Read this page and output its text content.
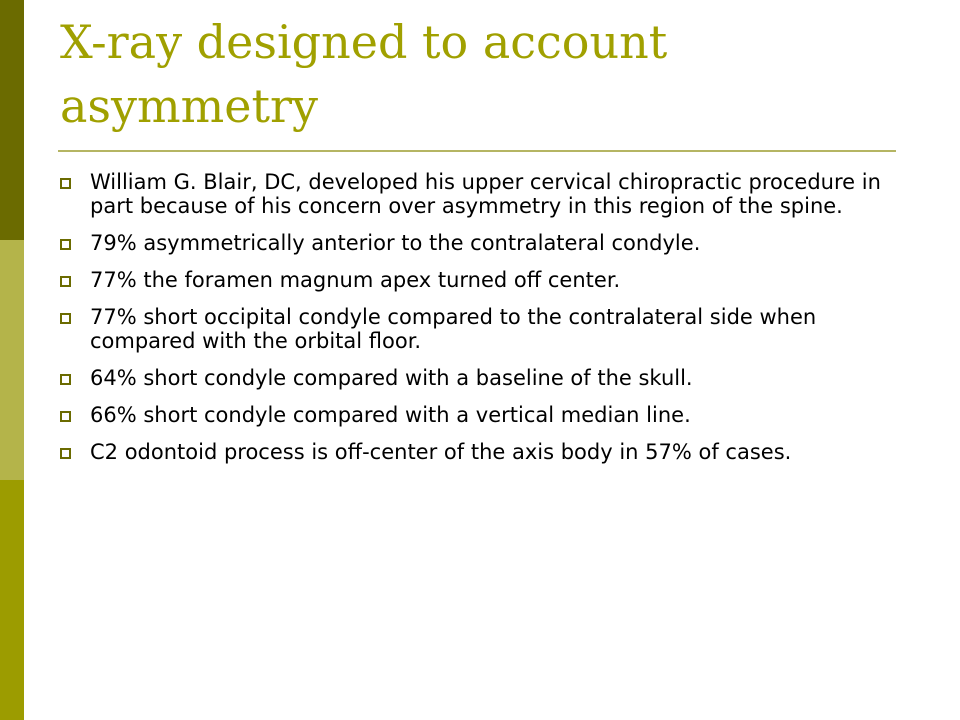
X-ray designed to account asymmetry
William G. Blair, DC, developed his upper cervical chiropractic procedure in part because of his concern over asymmetry in this region of the spine.
79% asymmetrically anterior to the contralateral condyle.
77% the foramen magnum apex turned off center.
77% short occipital condyle compared to the contralateral side when compared with the orbital floor.
64% short condyle compared with a baseline of the skull.
66% short condyle compared with a vertical median line.
C2 odontoid process is off-center of the axis body in 57% of cases.
